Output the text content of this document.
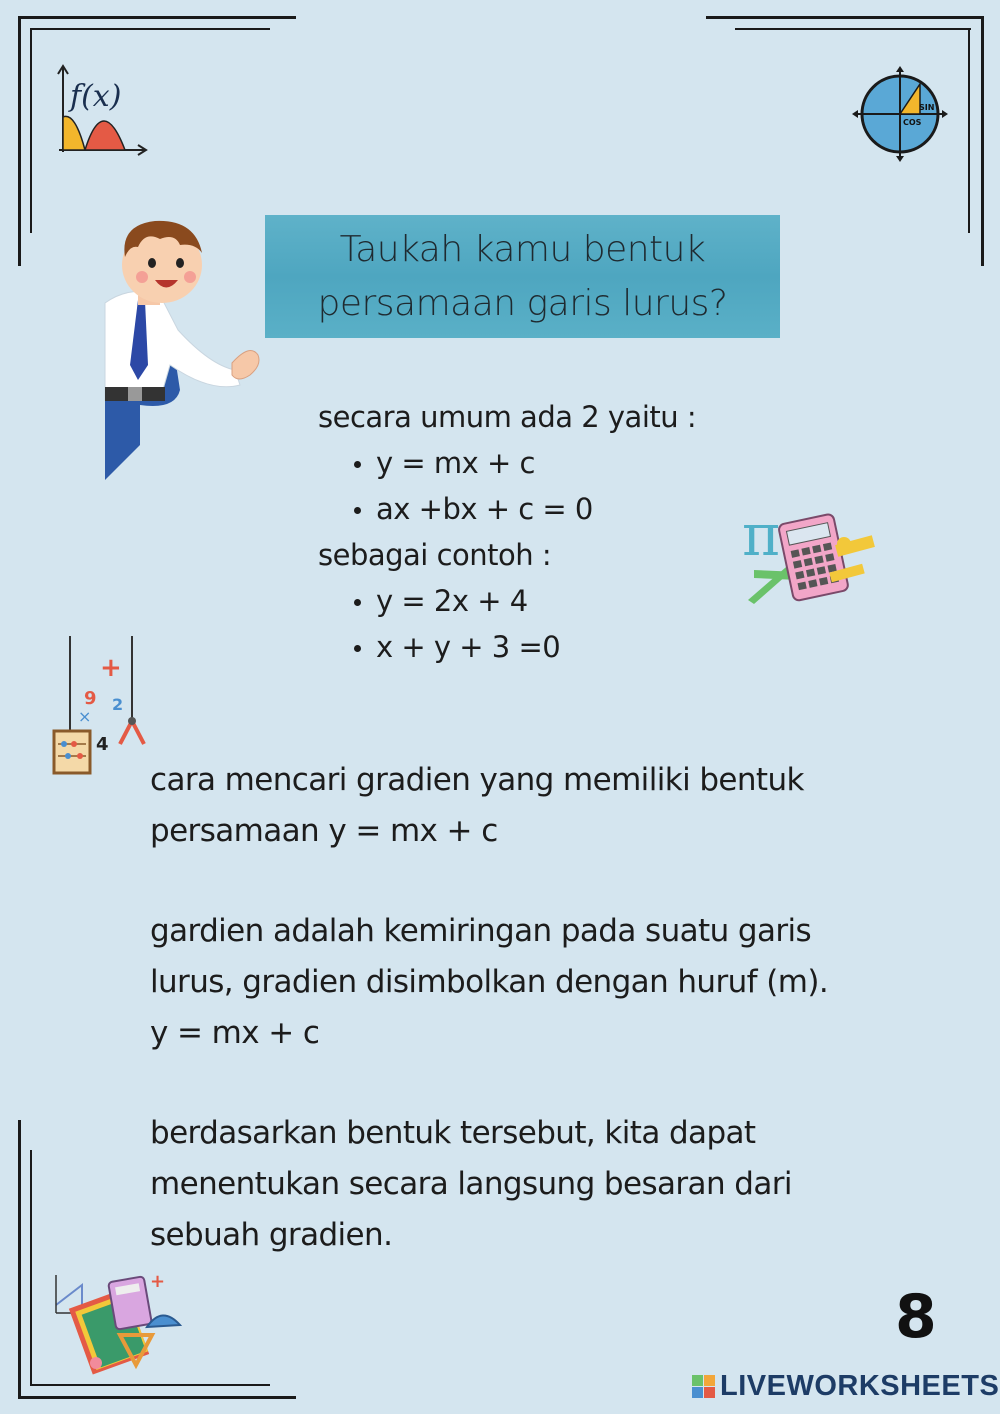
f(x)	SIN
COS
Taukah kamu bentuk
persamaan garis lurus?
secara umum ada 2 yaitu :
y = mx + c
ax +bx + c = 0
sebagai contoh :
y = 2x + 4
x + y + 3 =0
π
+
9 2
×
4

cara mencari gradien yang memiliki bentuk
persamaan y = mx + c

gardien adalah kemiringan pada suatu garis
lurus, gradien disimbolkan dengan huruf (m).
y = mx + c

berdasarkan bentuk tersebut, kita dapat
menentukan secara langsung besaran dari
sebuah gradien.

+
8
LIVEWORKSHEETS
